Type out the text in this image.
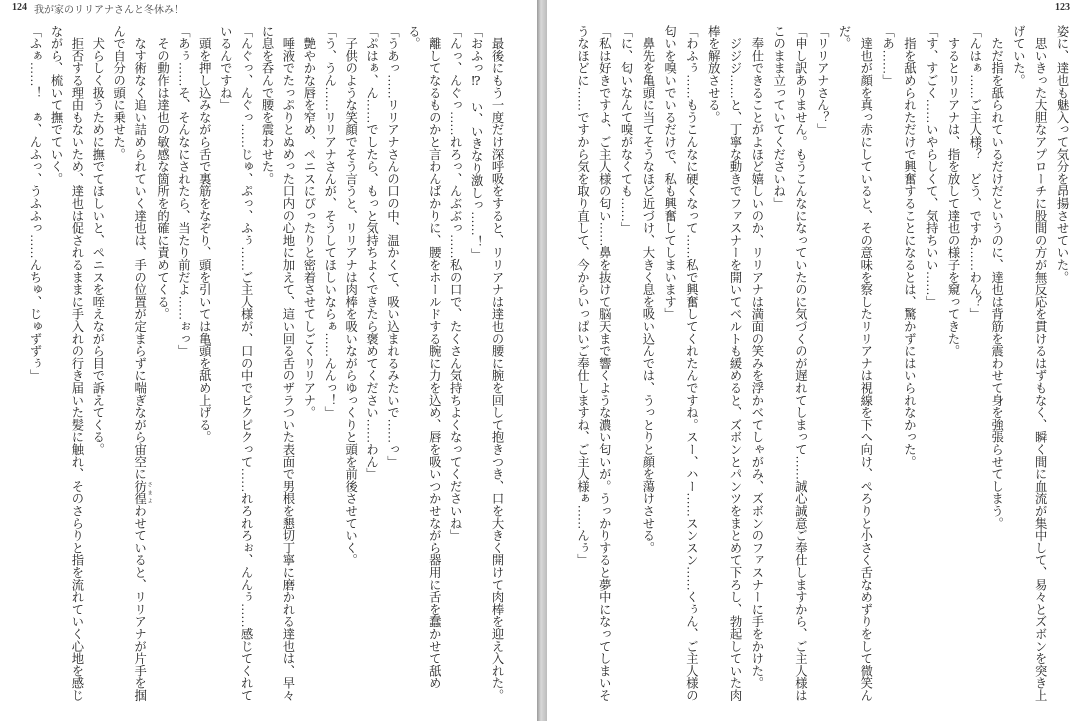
124 我が家のリリアナさんと冬休み！
　最後にもう一度だけ深呼吸をすると、リリアナは達也の腰に腕を回して抱きつき、口を大きく開けて肉棒を迎え入れた。
「おふっ⁉　い、いきなり激しっ……！」
「んっ、んぐっ……れろっ、んぶぶっ……私の口で、たくさん気持ちよくなってくださいね」
　離してなるものかと言わんばかりに、腰をホールドする腕に力を込め、唇を吸いつかせながら器用に舌を蠢かせて舐め
る。
「うあっ……リリアナさんの口の中、温かくて、吸い込まれるみたいで……っ」
「ぷはぁ、ん……でしたら、もっと気持ちよくできたら褒めてください……わん」
　子供のような笑顔でそう言うと、リリアナは肉棒を吸いながらゆっくりと頭を前後させていく。
「う、うん……リリアナさんが、そうしてほしいならぁ……んんっ！」
　艶やかな唇を窄め、ペニスにぴったりと密着させてしごくリリアナ。
　唾液でたっぷりとぬめった口内の心地に加えて、這い回る舌のザラついた表面で男根を懇切丁寧に磨かれる達也は、早々
に息を呑んで腰を震わせた。
「んぐっ、んぐっ……じゅ、ぷっ、ふぅ……ご主人様が、口の中でピクピクって……れろれろぉ、んんぅ……感じてくれて
いるんですね」
　頭を押し込みながら舌で裏筋をなぞり、頭を引いては亀頭を舐め上げる。
「あぅ……そ、そんなにされたら、当たり前だよ……ぉっ」
　その動作は達也の敏感な箇所を的確に責めてくる。
　なす術なく追い詰められていく達也は、手の位置が定まらずに喘ぎながら宙空に彷徨 さまよわせていると、リリアナが片手を掴
んで自分の頭に乗せた。
　犬らしく扱うために撫でてほしいと、ペニスを咥えながら目で訴えてくる。
　拒否する理由もないため、達也は促されるままに手入れの行き届いた髪に触れ、そのさらりと指を流れていく心地を感じ
ながら、梳いて撫でていく。
「ふぁ……！　ぁ、んふっ、うふふっ……んちゅ、じゅずずぅ」
123
姿に、達也も魅入って気分を昂揚させていた。
　思いきった大胆なアプローチに股間の方が無反応を貫けるはずもなく、瞬く間に血流が集中して、易々とズボンを突き上
げていた。
　ただ指を舐られているだけだというのに、達也は背筋を震わせて身を強張らせてしまう。
「んはぁ……ご主人様？　どう、ですか……わん？」
　するとリリアナは、指を放して達也の様子を窺ってきた。
「す、すごく……いやらしくて、気持ちいい……」
　指を舐められただけで興奮することになるとは、驚かずにはいられなかった。
「あ……」
　達也が顔を真っ赤にしていると、その意味を察したリリアナは視線を下へ向け、ぺろりと小さく舌なめずりをして微笑ん
だ。
「リリアナさん？」
「申し訳ありません。もうこんなになっていたのに気づくのが遅れてしまって……誠心誠意ご奉仕しますから、ご主人様は
このまま立っていてくださいね」
　奉仕できることがよほど嬉しいのか、リリアナは満面の笑みを浮かべてしゃがみ、ズボンのファスナーに手をかけた。
　ジジジ……と、丁寧な動きでファスナーを開いてベルトも緩めると、ズボンとパンツをまとめて下ろし、勃起していた肉
棒を解放させる。
「わふぅ……もうこんなに硬くなって……私で興奮してくれたんですね。スー、ハー……スンスン……くぅん、ご主人様の
匂いを嗅いでいるだけで、私も興奮してしまいます」
　鼻先を亀頭に当てそうなほど近づけ、大きく息を吸い込んでは、うっとりと顔を蕩けさせる。
「に、匂いなんて嗅がなくても……」
「私は好きですよ、ご主人様の匂い……鼻を抜けて脳天まで響くような濃い匂いが。うっかりすると夢中になってしまいそ
うなほどに……ですから気を取り直して、今からいっぱいご奉仕しますね、ご主人様ぁ……んぅ」
